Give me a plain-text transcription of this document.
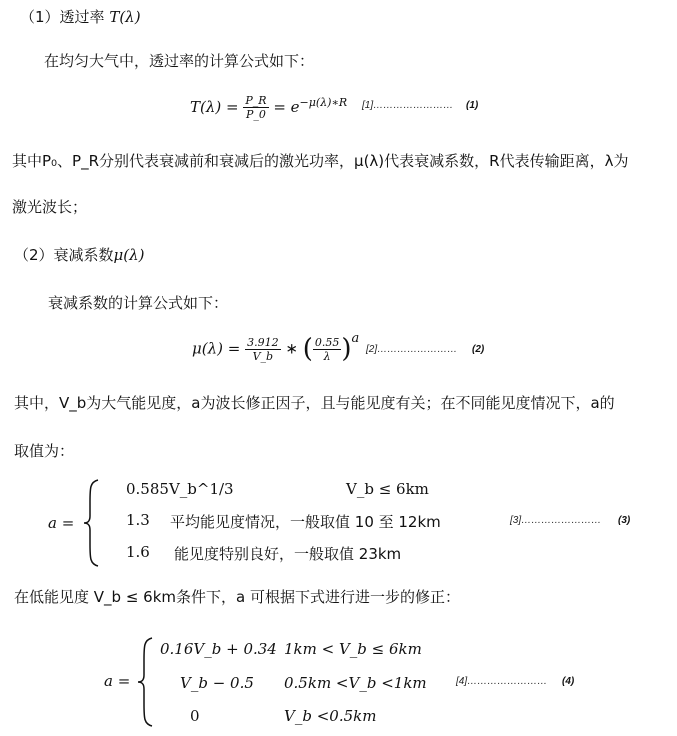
（1）透过率 T(λ)
在均匀大气中，透过率的计算公式如下：
$T(\lambda) = \frac{P\_R}{P\_0} = e^{-\mu(\lambda)∗R}$ [1]…………………… (1)
其中P₀、P_R分别代表衰减前和衰减后的激光功率，μ(λ)代表衰减系数，R代表传输距离，λ为
激光波长；
（2）衰减系数μ(λ)
衰减系数的计算公式如下：
$\mu(\lambda) = \frac{3.912}{V\_b}$ ∗ ( $\frac{0.55}{\lambda} )^a$
[2]…………………… (2)
其中，V_b为大气能见度，a为波长修正因子，且与能见度有关；在不同能见度情况下，a的
取值为：
a =
0.585V_b^1/3	V_b ≤ 6km
1.3 平均能见度情况，一般取值 10 至 12km
1.6 能见度特别良好，一般取值 23km
[3]…………………… (3)
在低能见度 V_b ≤ 6km条件下，a 可根据下式进行进一步的修正：
a =
0.16V_b + 0.34 1km < V_b ≤ 6km
V_b − 0.5 0.5km <V_b <1km
0	V_b <0.5km
[4]…………………… (4)
